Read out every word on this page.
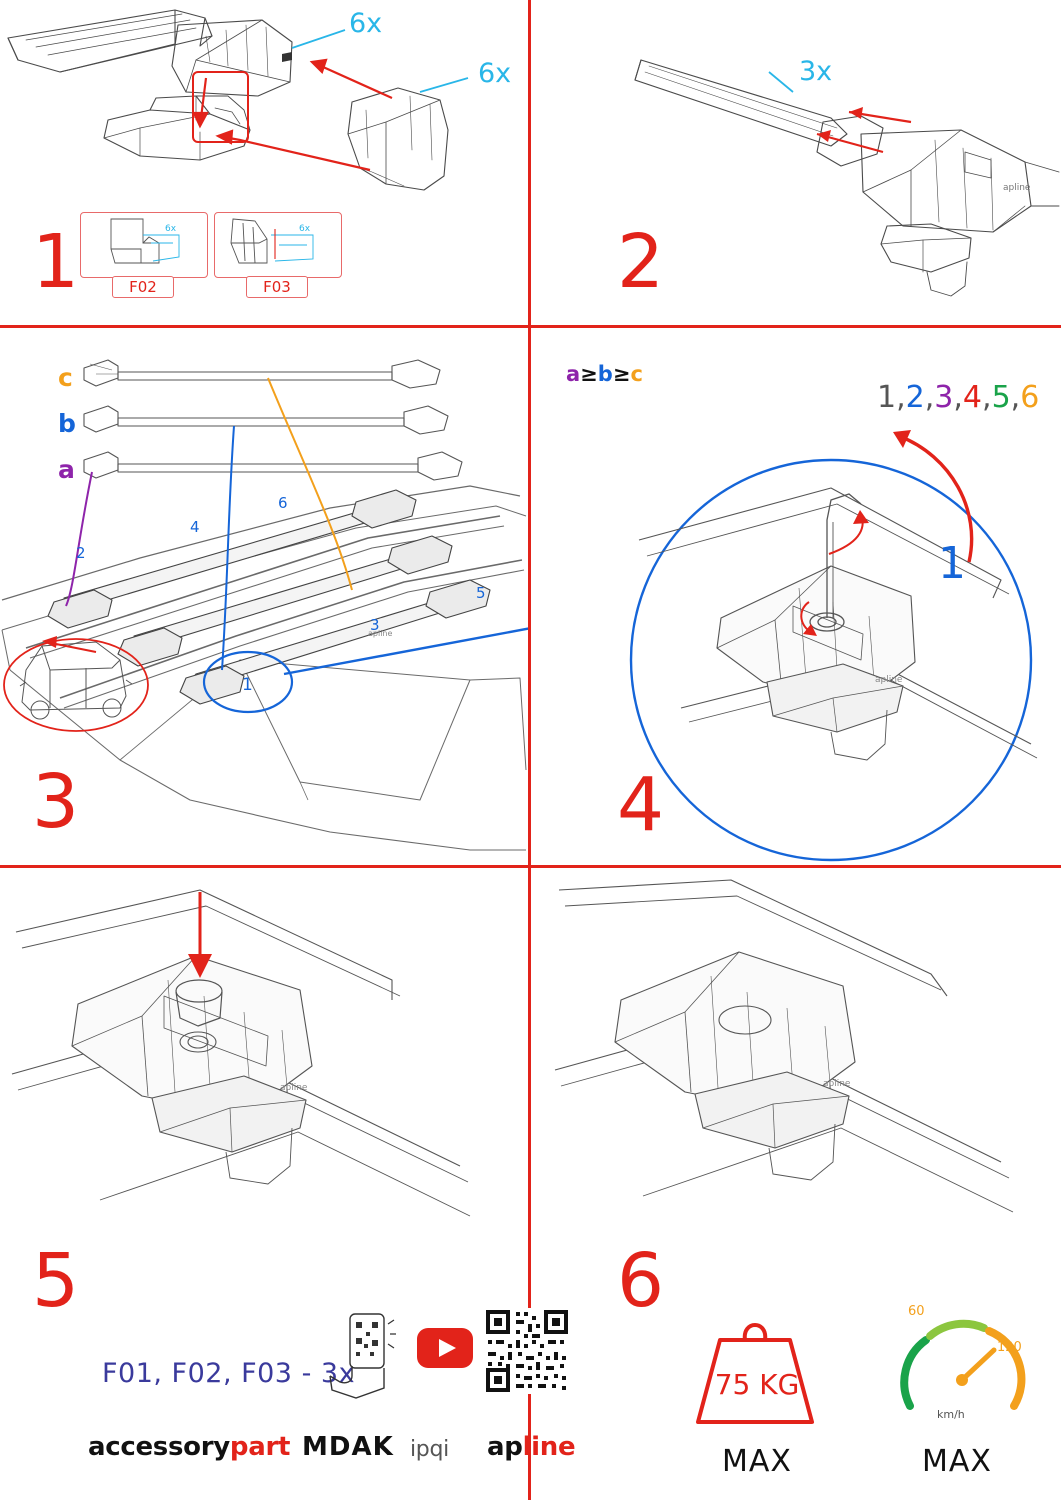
6x
F02
6x
F03
6x
6x
1
apline
3x
2
apline
2
4
6
3
5
1
c
b
a
a≥b≥c
3
apline
1,2,3,4,5,6
1
4
apline
5
apline
6
F01, F02, F03 - 3x
accessorypart MDAK ipqi apline
75 KG
MAX
60
120
km/h
MAX
